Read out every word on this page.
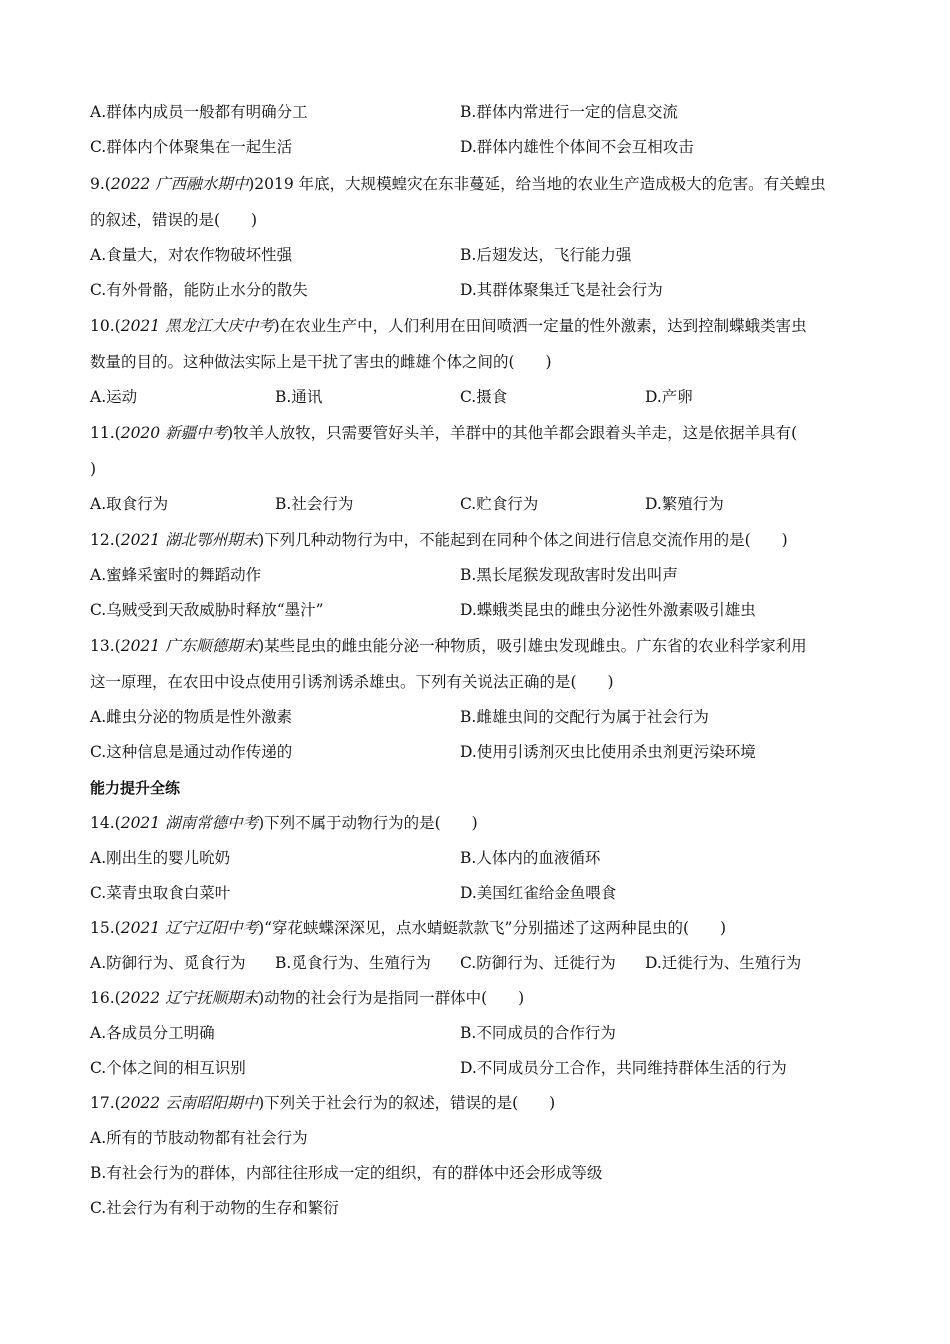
A.群体内成员一般都有明确分工	B.群体内常进行一定的信息交流
C.群体内个体聚集在一起生活	D.群体内雄性个体间不会互相攻击
9.(2022 广西融水期中)2019 年底，大规模蝗灾在东非蔓延，给当地的农业生产造成极大的危害。有关蝗虫
的叙述，错误的是(　　)
A.食量大，对农作物破坏性强	B.后翅发达，飞行能力强
C.有外骨骼，能防止水分的散失	D.其群体聚集迁飞是社会行为
10.(2021 黑龙江大庆中考)在农业生产中，人们利用在田间喷洒一定量的性外激素，达到控制蝶蛾类害虫
数量的目的。这种做法实际上是干扰了害虫的雌雄个体之间的(　　)
A.运动	B.通讯	C.摄食	D.产卵
11.(2020 新疆中考)牧羊人放牧，只需要管好头羊，羊群中的其他羊都会跟着头羊走，这是依据羊具有(
)
A.取食行为	B.社会行为	C.贮食行为	D.繁殖行为
12.(2021 湖北鄂州期末)下列几种动物行为中，不能起到在同种个体之间进行信息交流作用的是(　　)
A.蜜蜂采蜜时的舞蹈动作	B.黑长尾猴发现敌害时发出叫声
C.乌贼受到天敌威胁时释放“墨汁”	D.蝶蛾类昆虫的雌虫分泌性外激素吸引雄虫
13.(2021 广东顺德期末)某些昆虫的雌虫能分泌一种物质，吸引雄虫发现雌虫。广东省的农业科学家利用
这一原理，在农田中设点使用引诱剂诱杀雄虫。下列有关说法正确的是(　　)
A.雌虫分泌的物质是性外激素	B.雌雄虫间的交配行为属于社会行为
C.这种信息是通过动作传递的	D.使用引诱剂灭虫比使用杀虫剂更污染环境
能力提升全练
14.(2021 湖南常德中考)下列不属于动物行为的是(　　)
A.刚出生的婴儿吮奶	B.人体内的血液循环
C.菜青虫取食白菜叶	D.美国红雀给金鱼喂食
15.(2021 辽宁辽阳中考)“穿花蛱蝶深深见，点水蜻蜓款款飞”分别描述了这两种昆虫的(　　)
A.防御行为、觅食行为 B.觅食行为、生殖行为 C.防御行为、迁徙行为 D.迁徙行为、生殖行为
16.(2022 辽宁抚顺期末)动物的社会行为是指同一群体中(　　)
A.各成员分工明确	B.不同成员的合作行为
C.个体之间的相互识别	D.不同成员分工合作，共同维持群体生活的行为
17.(2022 云南昭阳期中)下列关于社会行为的叙述，错误的是(　　)
A.所有的节肢动物都有社会行为
B.有社会行为的群体，内部往往形成一定的组织，有的群体中还会形成等级
C.社会行为有利于动物的生存和繁衍
